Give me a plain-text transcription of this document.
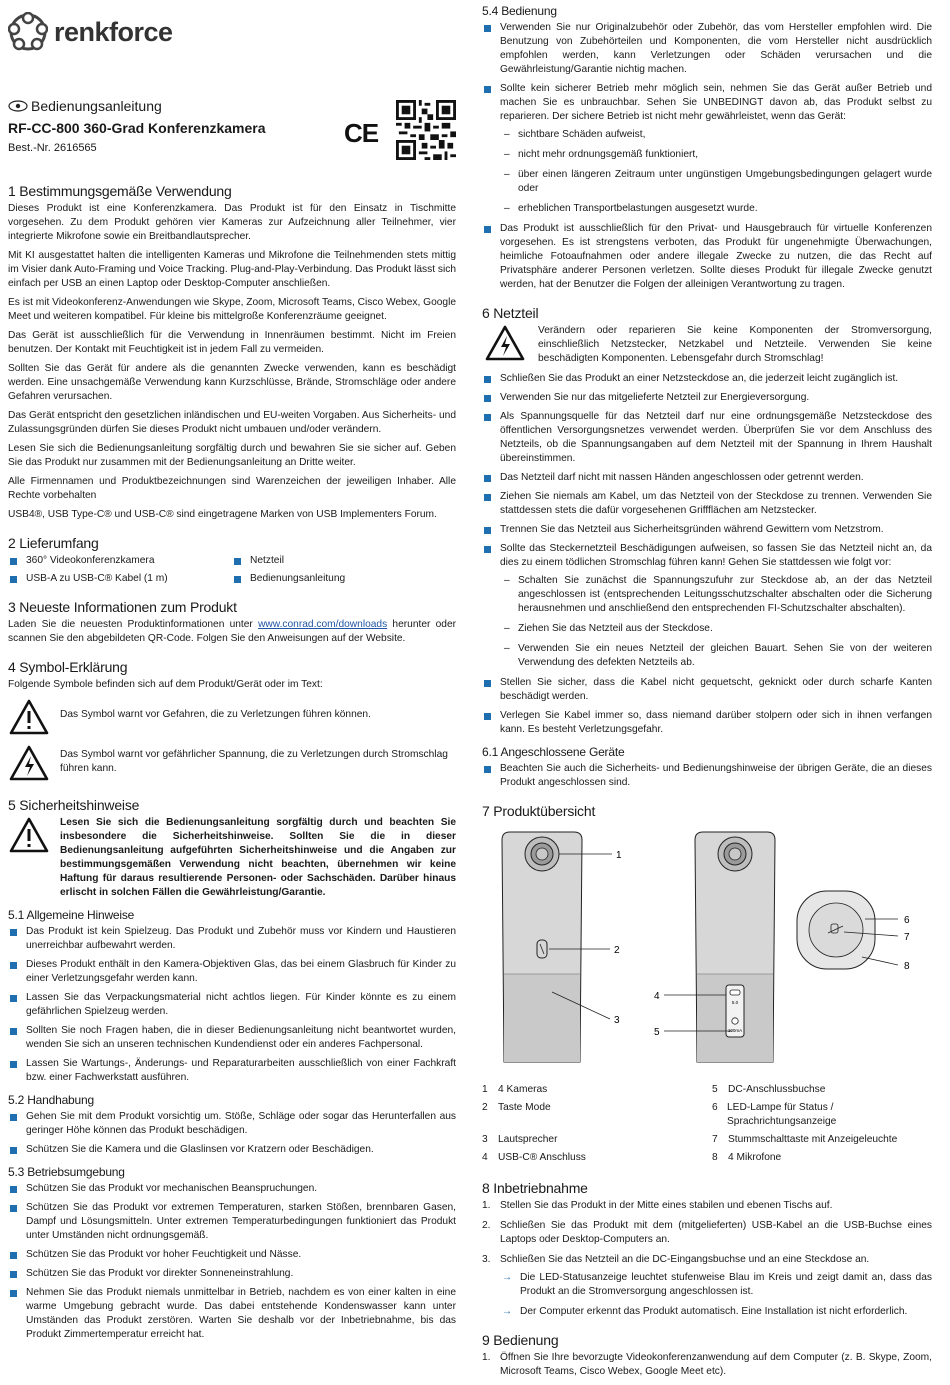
renkforce
Bedienungsanleitung
RF-CC-800 360-Grad Konferenzkamera
Best.-Nr. 2616565	CE
1 Bestimmungsgemäße Verwendung

Dieses Produkt ist eine Konferenzkamera. Das Produkt ist für den Einsatz in Tischmitte vorgesehen. Zu dem Produkt gehören vier Kameras zur Aufzeichnung aller Teilnehmer, vier integrierte Mikrofone sowie ein Breitbandlautsprecher.

Mit KI ausgestattet halten die intelligenten Kameras und Mikrofone die Teilnehmenden stets mittig im Visier dank Auto-Framing und Voice Tracking. Plug-and-Play-Verbindung. Das Produkt lässt sich einfach per USB an einen Laptop oder Desktop-Computer anschließen.

Es ist mit Videokonferenz-Anwendungen wie Skype, Zoom, Microsoft Teams, Cisco Webex, Google Meet und weiteren kompatibel. Für kleine bis mittelgroße Konferenzräume geeignet.

Das Gerät ist ausschließlich für die Verwendung in Innenräumen bestimmt. Nicht im Freien benutzen. Der Kontakt mit Feuchtigkeit ist in jedem Fall zu vermeiden.

Sollten Sie das Gerät für andere als die genannten Zwecke verwenden, kann es beschädigt werden. Eine unsachgemäße Verwendung kann Kurzschlüsse, Brände, Stromschläge oder andere Gefahren verursachen.

Das Gerät entspricht den gesetzlichen inländischen und EU-weiten Vorgaben. Aus Sicherheits- und Zulassungsgründen dürfen Sie dieses Produkt nicht umbauen und/oder verändern.

Lesen Sie sich die Bedienungsanleitung sorgfältig durch und bewahren Sie sie sicher auf. Geben Sie das Produkt nur zusammen mit der Bedienungsanleitung an Dritte weiter.

Alle Firmennamen und Produktbezeichnungen sind Warenzeichen der jeweiligen Inhaber. Alle Rechte vorbehalten

USB4®, USB Type-C® und USB-C® sind eingetragene Marken von USB Implementers Forum.

2 Lieferumfang
360° Videokonferenzkamera	Netzteil
USB-A zu USB-C® Kabel (1 m)	Bedienungsanleitung
3 Neueste Informationen zum Produkt

Laden Sie die neuesten Produktinformationen unter www.conrad.com/downloads herunter oder scannen Sie den abgebildeten QR-Code. Folgen Sie den Anweisungen auf der Website.

4 Symbol-Erklärung

Folgende Symbole befinden sich auf dem Produkt/Gerät oder im Text:

Das Symbol warnt vor Gefahren, die zu Verletzungen führen können.
Das Symbol warnt vor gefährlicher Spannung, die zu Verletzungen durch Stromschlag führen kann.
5 Sicherheitshinweise
Lesen Sie sich die Bedienungsanleitung sorgfältig durch und beachten Sie insbesondere die Sicherheitshinweise. Sollten Sie die in dieser Bedienungsanleitung aufgeführten Sicherheitshinweise und die Angaben zur bestimmungsgemäßen Verwendung nicht beachten, übernehmen wir keine Haftung für daraus resultierende Personen- oder Sachschäden. Darüber hinaus erlischt in solchen Fällen die Gewährleistung/Garantie.
5.1 Allgemeine Hinweise
Das Produkt ist kein Spielzeug. Das Produkt und Zubehör muss vor Kindern und Haustieren unerreichbar aufbewahrt werden.
Dieses Produkt enthält in den Kamera-Objektiven Glas, das bei einem Glasbruch für Kinder zu einer Verletzungsgefahr werden kann.
Lassen Sie das Verpackungsmaterial nicht achtlos liegen. Für Kinder könnte es zu einem gefährlichen Spielzeug werden.
Sollten Sie noch Fragen haben, die in dieser Bedienungsanleitung nicht beantwortet wurden, wenden Sie sich an unseren technischen Kundendienst oder ein anderes Fachpersonal.
Lassen Sie Wartungs-, Änderungs- und Reparaturarbeiten ausschließlich von einer Fachkraft bzw. einer Fachwerkstatt ausführen.
5.2 Handhabung
Gehen Sie mit dem Produkt vorsichtig um. Stöße, Schläge oder sogar das Herunterfallen aus geringer Höhe können das Produkt beschädigen.
Schützen Sie die Kamera und die Glaslinsen vor Kratzern oder Beschädigen.
5.3 Betriebsumgebung
Schützen Sie das Produkt vor mechanischen Beanspruchungen.
Schützen Sie das Produkt vor extremen Temperaturen, starken Stößen, brennbaren Gasen, Dampf und Lösungsmitteln. Unter extremen Temperaturbedingungen funktioniert das Produkt unter Umständen nicht ordnungsgemäß.
Schützen Sie das Produkt vor hoher Feuchtigkeit und Nässe.
Schützen Sie das Produkt vor direkter Sonneneinstrahlung.
Nehmen Sie das Produkt niemals unmittelbar in Betrieb, nachdem es von einer kalten in eine warme Umgebung gebracht wurde. Das dabei entstehende Kondenswasser kann unter Umständen das Produkt zerstören. Warten Sie deshalb vor der Inbetriebnahme, bis das Produkt Zimmertemperatur erreicht hat.
5.4 Bedienung
Verwenden Sie nur Originalzubehör oder Zubehör, das vom Hersteller empfohlen wird. Die Benutzung von Zubehörteilen und Komponenten, die vom Hersteller nicht ausdrücklich empfohlen werden, kann Verletzungen oder Schäden verursachen und die Gewährleistung/Garantie nichtig machen.
Sollte kein sicherer Betrieb mehr möglich sein, nehmen Sie das Gerät außer Betrieb und machen Sie es unbrauchbar. Sehen Sie UNBEDINGT davon ab, das Produkt selbst zu reparieren. Der sichere Betrieb ist nicht mehr gewährleistet, wenn das Gerät:
– sichtbare Schäden aufweist,
– nicht mehr ordnungsgemäß funktioniert,
– über einen längeren Zeitraum unter ungünstigen Umgebungsbedingungen gelagert wurde oder
– erheblichen Transportbelastungen ausgesetzt wurde.
Das Produkt ist ausschließlich für den Privat- und Hausgebrauch für virtuelle Konferenzen vorgesehen. Es ist strengstens verboten, das Produkt für ungenehmigte Überwachungen, heimliche Fotoaufnahmen oder andere illegale Zwecke zu nutzen, die das Recht auf Privatsphäre anderer Personen verletzen. Sollte dieses Produkt für illegale Zwecke genutzt werden, hat der Benutzer die Folgen der alleinigen Verantwortung zu tragen.
6 Netzteil
Verändern oder reparieren Sie keine Komponenten der Stromversorgung, einschließlich Netzstecker, Netzkabel und Netzteile. Verwenden Sie keine beschädigten Komponenten. Lebensgefahr durch Stromschlag!
Schließen Sie das Produkt an einer Netzsteckdose an, die jederzeit leicht zugänglich ist.
Verwenden Sie nur das mitgelieferte Netzteil zur Energieversorgung.
Als Spannungsquelle für das Netzteil darf nur eine ordnungsgemäße Netzsteckdose des öffentlichen Versorgungsnetzes verwendet werden. Überprüfen Sie vor dem Anschluss des Netzteils, ob die Spannungsangaben auf dem Netzteil mit der Spannung in Ihrem Haushalt übereinstimmen.
Das Netzteil darf nicht mit nassen Händen angeschlossen oder getrennt werden.
Ziehen Sie niemals am Kabel, um das Netzteil von der Steckdose zu trennen. Verwenden Sie stattdessen stets die dafür vorgesehenen Griffflächen am Netzstecker.
Trennen Sie das Netzteil aus Sicherheitsgründen während Gewittern vom Netzstrom.
Sollte das Steckernetzteil Beschädigungen aufweisen, so fassen Sie das Netzteil nicht an, da dies zu einem tödlichen Stromschlag führen kann! Gehen Sie stattdessen wie folgt vor:
– Schalten Sie zunächst die Spannungszufuhr zur Steckdose ab, an der das Netzteil angeschlossen ist (entsprechenden Leitungsschutzschalter abschalten oder die Sicherung herausnehmen und anschließend den entsprechenden FI-Schutzschalter abschalten).
– Ziehen Sie das Netzteil aus der Steckdose.
– Verwenden Sie ein neues Netzteil der gleichen Bauart. Sehen Sie von der weiteren Verwendung des defekten Netzteils ab.
Stellen Sie sicher, dass die Kabel nicht gequetscht, geknickt oder durch scharfe Kanten beschädigt werden.
Verlegen Sie Kabel immer so, dass niemand darüber stolpern oder sich in ihnen verfangen kann. Es besteht Verletzungsgefahr.
6.1 Angeschlossene Geräte
Beachten Sie auch die Sicherheits- und Bedienungshinweise der übrigen Geräte, die an dieses Produkt angeschlossen sind.
7 Produktübersicht
5.0
100mA
1
2
3
4
5
6
7
8
1	4 Kameras	5	DC-Anschlussbuchse
2	Taste Mode	6 LED-Lampe für Status / Sprachrichtungsanzeige
3	Lautsprecher	7	Stummschalttaste mit Anzeigeleuchte
4	USB-C® Anschluss	8	4 Mikrofone
8 Inbetriebnahme
1. Stellen Sie das Produkt in der Mitte eines stabilen und ebenen Tischs auf.
2. Schließen Sie das Produkt mit dem (mitgelieferten) USB-Kabel an die USB-Buchse eines Laptops oder Desktop-Computers an.
3. Schließen Sie das Netzteil an die DC-Eingangsbuchse und an eine Steckdose an.
→ Die LED-Statusanzeige leuchtet stufenweise Blau im Kreis und zeigt damit an, dass das Produkt an die Stromversorgung angeschlossen ist.
→ Der Computer erkennt das Produkt automatisch. Eine Installation ist nicht erforderlich.
9 Bedienung
1. Öffnen Sie Ihre bevorzugte Videokonferenzanwendung auf dem Computer (z. B. Skype, Zoom, Microsoft Teams, Cisco Webex, Google Meet etc).
